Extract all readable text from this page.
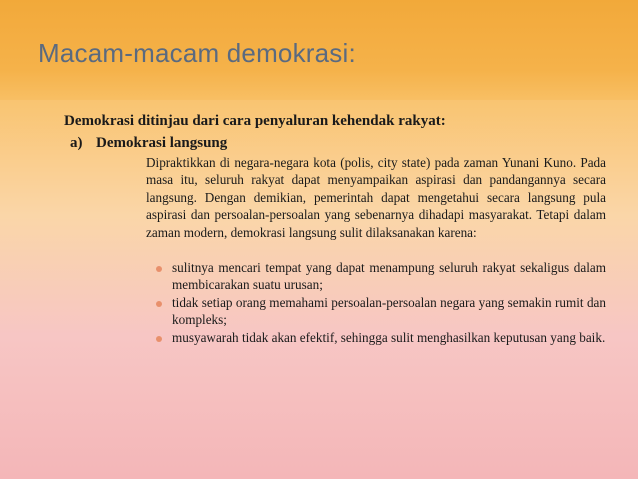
Macam-macam demokrasi:

Demokrasi ditinjau dari cara penyaluran kehendak rakyat:

a) Demokrasi langsung

Dipraktikkan di negara-negara kota (polis, city state) pada zaman Yunani Kuno. Pada masa itu, seluruh rakyat dapat menyampaikan aspirasi dan pandangannya secara langsung. Dengan demikian, pemerintah dapat mengetahui secara langsung pula aspirasi dan persoalan-persoalan yang sebenarnya dihadapi masyarakat. Tetapi dalam zaman modern, demokrasi langsung sulit dilaksanakan karena:

sulitnya mencari tempat yang dapat menampung seluruh rakyat sekaligus dalam membicarakan suatu urusan;
tidak setiap orang memahami persoalan-persoalan negara yang semakin rumit dan kompleks;
musyawarah tidak akan efektif, sehingga sulit menghasilkan keputusan yang baik.
